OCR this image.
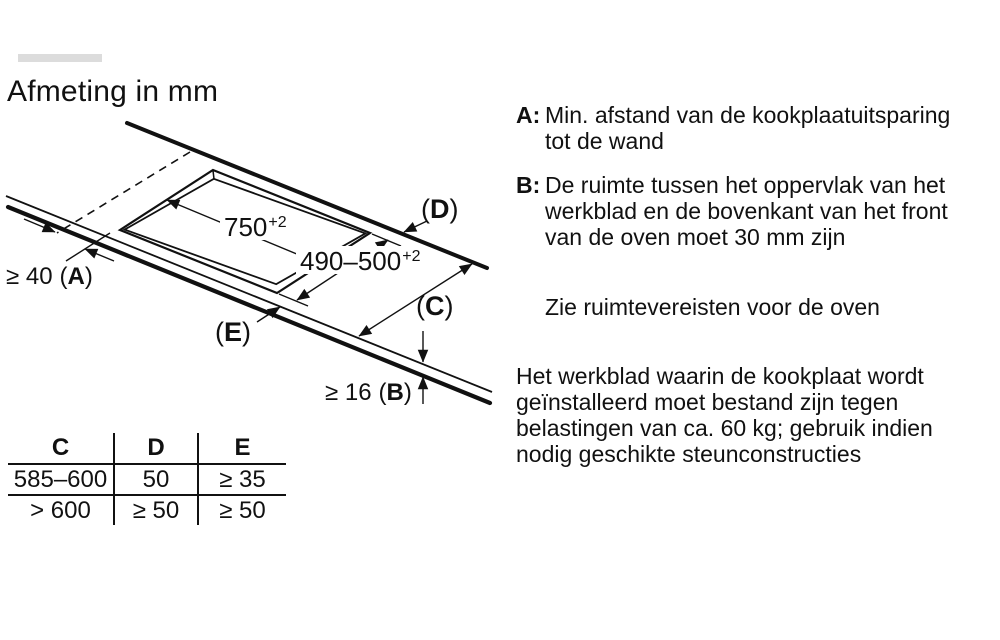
Afmeting in mm
$750^{+2}$
$490-500^{+2}$
≥ 40 (A)
≥ 16 (B)
(D)
(C)
(E)
C	D	E
585–600	50	≥ 35
> 600	≥ 50	≥ 50
A: Min. afstand van de kookplaatuitsparing tot de wand
B: De ruimte tussen het oppervlak van het werkblad en de bovenkant van het front van de oven moet 30 mm zijn
Zie ruimtevereisten voor de oven
Het werkblad waarin de kookplaat wordt geïnstalleerd moet bestand zijn tegen belastingen van ca. 60 kg; gebruik indien nodig geschikte steunconstructies
